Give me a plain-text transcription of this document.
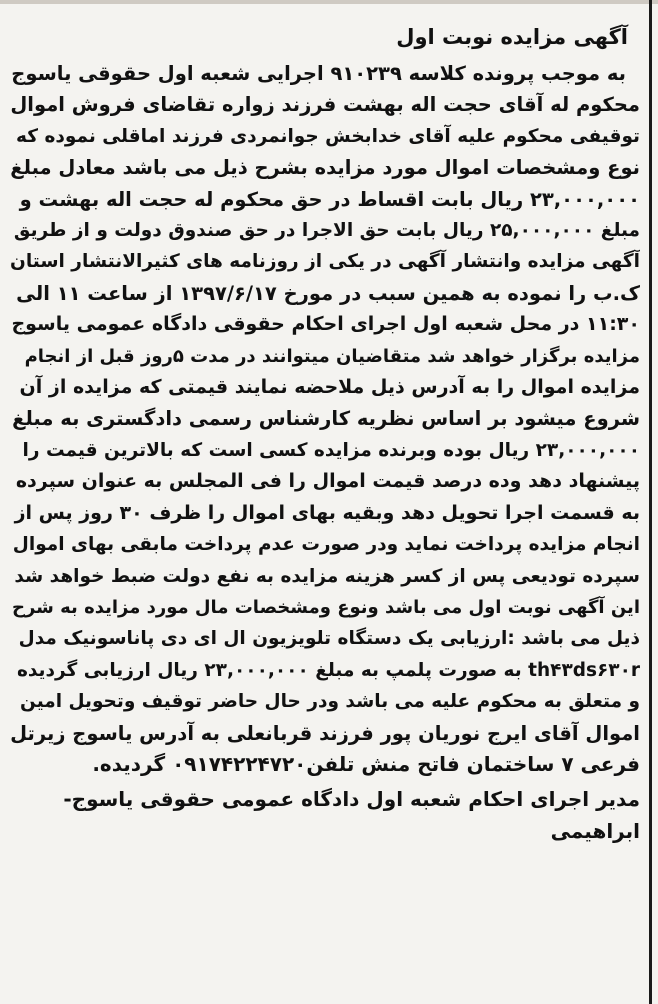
آگهی مزایده نوبت اول
به موجب پرونده کلاسه ۹۱۰۲۳۹ اجرایی شعبه اول حقوقی یاسوج
محکوم له آقای حجت اله بهشت فرزند زواره تقاضای فروش اموال
توقیفی محکوم علیه آقای خدابخش جوانمردی فرزند اماقلی نموده که
نوع ومشخصات اموال مورد مزایده بشرح ذیل می باشد معادل مبلغ
۲۳,۰۰۰,۰۰۰ ریال بابت اقساط در حق محکوم له حجت اله بهشت و
مبلغ ۲۵,۰۰۰,۰۰۰ ریال بابت حق الاجرا در حق صندوق دولت و از طریق
آگهی مزایده وانتشار آگهی در یکی از روزنامه های کثیرالانتشار استان
ک.ب را نموده به همین سبب در مورخ ۱۳۹۷/۶/۱۷ از ساعت ۱۱ الی
۱۱:۳۰ در محل شعبه اول اجرای احکام حقوقی دادگاه عمومی یاسوج
مزایده برگزار خواهد شد متقاضیان میتوانند در مدت ۵روز قبل از انجام
مزایده اموال را به آدرس ذیل ملاحضه نمایند قیمتی که مزایده از آن
شروع میشود بر اساس نظریه کارشناس رسمی دادگستری به مبلغ
۲۳,۰۰۰,۰۰۰ ریال بوده وبرنده مزایده کسی است که بالاترین قیمت را
پیشنهاد دهد وده درصد قیمت اموال را فی المجلس به عنوان سپرده
به قسمت اجرا تحویل دهد وبقیه بهای اموال را ظرف ۳۰ روز پس از
انجام مزایده پرداخت نماید ودر صورت عدم پرداخت مابقی بهای اموال
سپرده تودیعی پس از کسر هزینه مزایده به نفع دولت ضبط خواهد شد
این آگهی نوبت اول می باشد ونوع ومشخصات مال مورد مزایده به شرح
ذیل می باشد :ارزیابی یک دستگاه تلویزیون ال ای دی پاناسونیک مدل
th۴۳ds۶۳۰r به صورت پلمپ به مبلغ ۲۳,۰۰۰,۰۰۰ ریال ارزیابی گردیده
و متعلق به محکوم علیه می باشد ودر حال حاضر توقیف وتحویل امین
اموال آقای ایرج نوریان پور فرزند قربانعلی به آدرس یاسوج زیرتل
فرعی ۷ ساختمان فاتح منش تلفن۰۹۱۷۴۲۲۴۷۲۰ گردیده.
مدیر اجرای احکام شعبه اول دادگاه عمومی حقوقی یاسوج-
ابراهیمی
